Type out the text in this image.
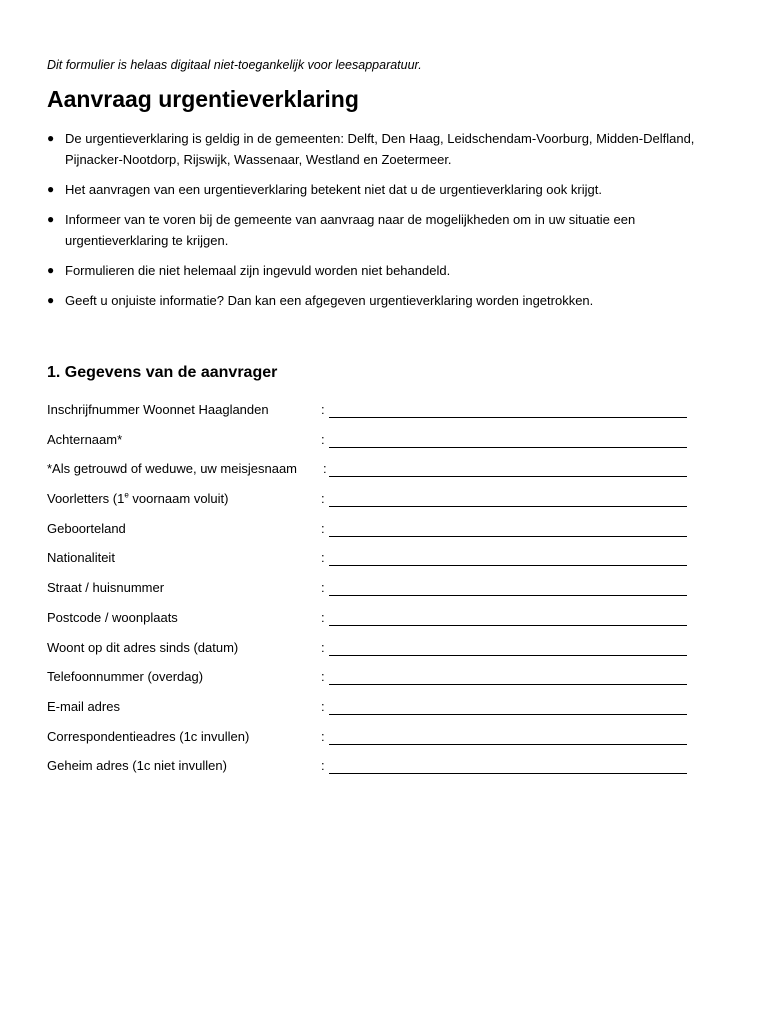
Dit formulier is helaas digitaal niet-toegankelijk voor leesapparatuur.
Aanvraag urgentieverklaring
● De urgentieverklaring is geldig in de gemeenten: Delft, Den Haag, Leidschendam-Voorburg, Midden-Delfland, Pijnacker-Nootdorp, Rijswijk, Wassenaar, Westland en Zoetermeer.
● Het aanvragen van een urgentieverklaring betekent niet dat u de urgentieverklaring ook krijgt.
● Informeer van te voren bij de gemeente van aanvraag naar de mogelijkheden om in uw situatie een urgentieverklaring te krijgen.
● Formulieren die niet helemaal zijn ingevuld worden niet behandeld.
● Geeft u onjuiste informatie? Dan kan een afgegeven urgentieverklaring worden ingetrokken.
1. Gegevens van de aanvrager
Inschrijfnummer Woonnet Haaglanden	:
Achternaam*	:
*Als getrouwd of weduwe, uw meisjesnaam :
Voorletters (1e voornaam voluit)	:
Geboorteland	:
Nationaliteit	:
Straat / huisnummer	:
Postcode / woonplaats	:
Woont op dit adres sinds (datum)	:
Telefoonnummer (overdag)	:
E-mail adres	:
Correspondentieadres (1c invullen)	:
Geheim adres (1c niet invullen)	:
